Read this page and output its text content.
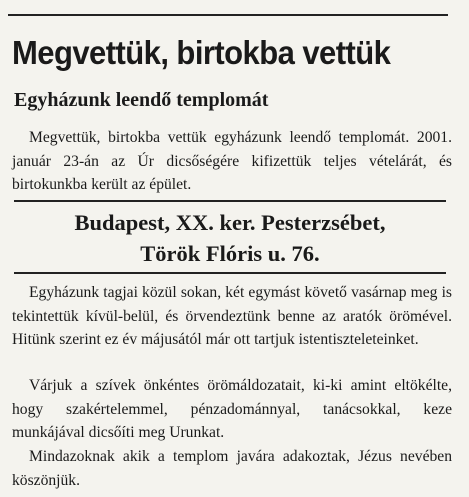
Megvettük, birtokba vettük
Egyházunk leendő templomát
Megvettük, birtokba vettük egyházunk leendő templomát. 2001. január 23-án az Úr dicsőségére kifizettük teljes vételárát, és birtokunkba került az épület.
Budapest, XX. ker. Pesterzsébet,
Török Flóris u. 76.
Egyházunk tagjai közül sokan, két egymást követő vasárnap meg is tekintettük kívül-belül, és örvendeztünk benne az aratók örömével. Hitünk szerint ez év májusától már ott tartjuk istentiszteleteinket.
Várjuk a szívek önkéntes örömáldozatait, ki-ki amint eltökélte, hogy szakértelemmel, pénzadománnyal, tanácsokkal, keze munkájával dicsőíti meg Urunkat.
Mindazoknak akik a templom javára adakoztak, Jézus nevében köszönjük.
